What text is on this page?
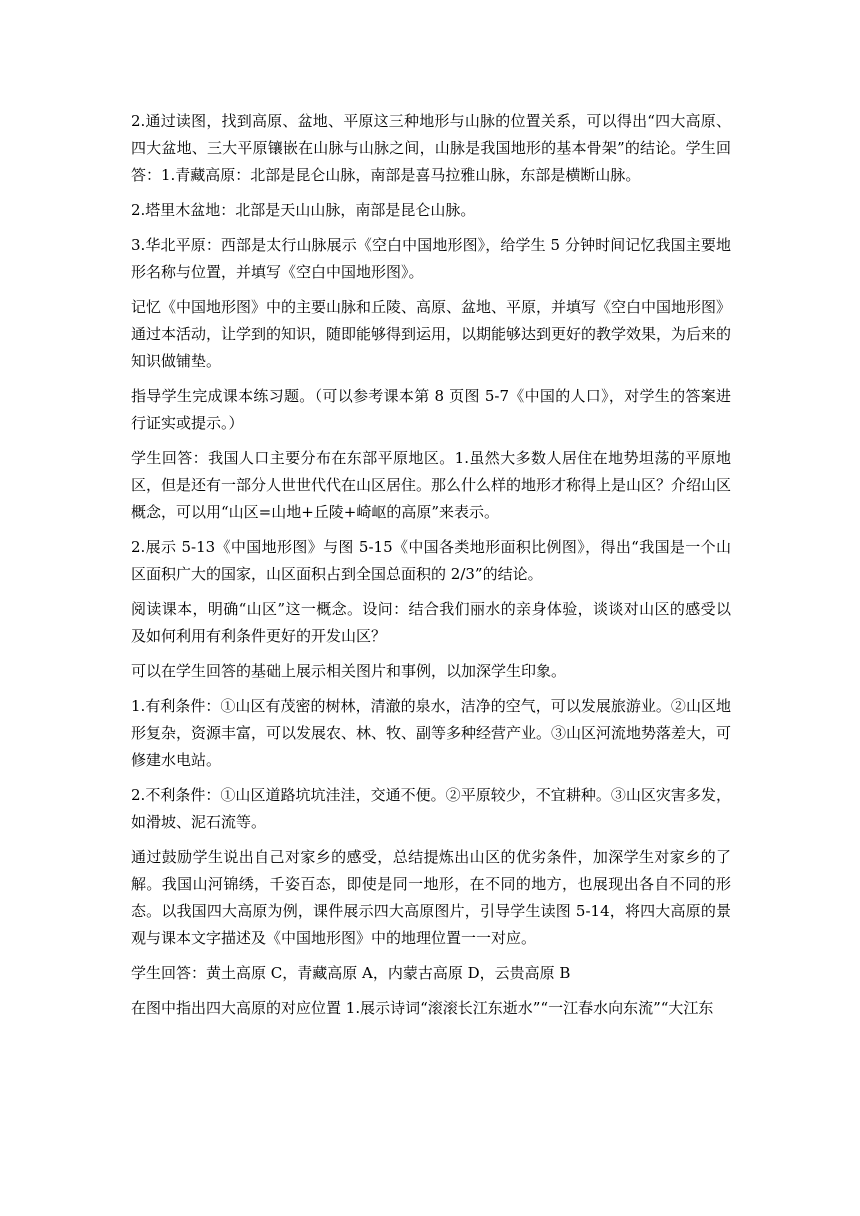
2.通过读图，找到高原、盆地、平原这三种地形与山脉的位置关系，可以得出“四大高原、四大盆地、三大平原镶嵌在山脉与山脉之间，山脉是我国地形的基本骨架”的结论。学生回答：1.青藏高原：北部是昆仑山脉，南部是喜马拉雅山脉，东部是横断山脉。

2.塔里木盆地：北部是天山山脉，南部是昆仑山脉。

3.华北平原：西部是太行山脉展示《空白中国地形图》，给学生 5 分钟时间记忆我国主要地形名称与位置，并填写《空白中国地形图》。

记忆《中国地形图》中的主要山脉和丘陵、高原、盆地、平原，并填写《空白中国地形图》通过本活动，让学到的知识，随即能够得到运用，以期能够达到更好的教学效果，为后来的知识做铺垫。

指导学生完成课本练习题。（可以参考课本第 8 页图 5-7《中国的人口》，对学生的答案进行证实或提示。）

学生回答：我国人口主要分布在东部平原地区。1.虽然大多数人居住在地势坦荡的平原地区，但是还有一部分人世世代代在山区居住。那么什么样的地形才称得上是山区？介绍山区概念，可以用“山区=山地+丘陵+崎岖的高原”来表示。

2.展示 5-13《中国地形图》与图 5-15《中国各类地形面积比例图》，得出“我国是一个山区面积广大的国家，山区面积占到全国总面积的 2/3”的结论。

阅读课本，明确“山区”这一概念。设问：结合我们丽水的亲身体验，谈谈对山区的感受以及如何利用有利条件更好的开发山区？

可以在学生回答的基础上展示相关图片和事例，以加深学生印象。

1.有利条件：①山区有茂密的树林，清澈的泉水，洁净的空气，可以发展旅游业。②山区地形复杂，资源丰富，可以发展农、林、牧、副等多种经营产业。③山区河流地势落差大，可修建水电站。

2.不利条件：①山区道路坑坑洼洼，交通不便。②平原较少，不宜耕种。③山区灾害多发，如滑坡、泥石流等。

通过鼓励学生说出自己对家乡的感受，总结提炼出山区的优劣条件，加深学生对家乡的了解。我国山河锦绣，千姿百态，即使是同一地形，在不同的地方，也展现出各自不同的形态。以我国四大高原为例，课件展示四大高原图片，引导学生读图 5-14，将四大高原的景观与课本文字描述及《中国地形图》中的地理位置一一对应。

学生回答：黄土高原 C，青藏高原 A，内蒙古高原 D，云贵高原 B

在图中指出四大高原的对应位置 1.展示诗词“滚滚长江东逝水”“一江春水向东流”“大江东
